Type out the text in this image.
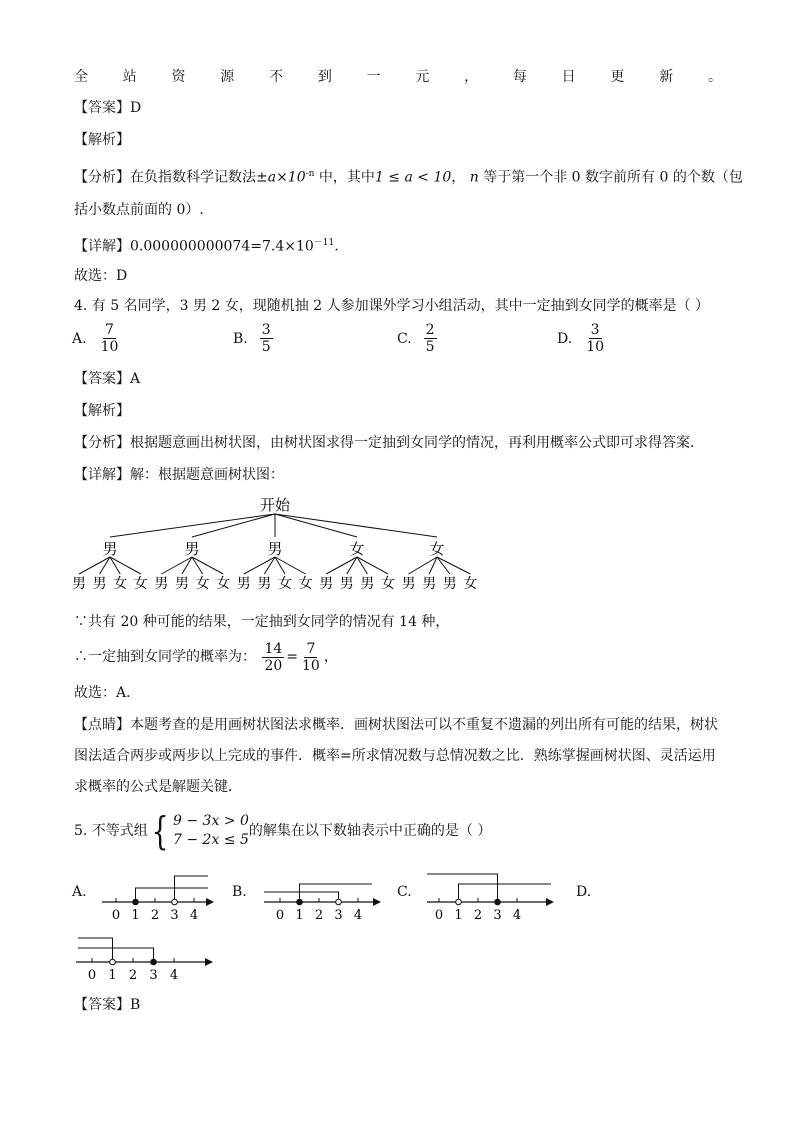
全 站 资 源 不 到 一 元 ， 每 日 更 新 。
【答案】D
【解析】
【分析】在负指数科学记数法$\pm a\times 10^{-n}$ 中，其中1 ≤ a < 10， n 等于第一个非 0 数字前所有 0 的个数（包
括小数点前面的 0）.
【详解】$0.000000000074=7.4\times 10^{-11}$.
故选：D
4. 有 5 名同学，3 男 2 女，现随机抽 2 人参加课外学习小组活动，其中一定抽到女同学的概率是（ ）
A. $\frac{7}{10}$	B. $\frac{3}{5}$	C. $\frac{2}{5}$	D. $\frac{3}{10}$
【答案】A
【解析】
【分析】根据题意画出树状图，由树状图求得一定抽到女同学的情况，再利用概率公式即可求得答案．
【详解】解：根据题意画树状图：
开始
男	男	男	女	女
男 男 女 女 男 男 女 女 男 男 女 女 男 男 男 女 男 男 男 女
∵共有 20 种可能的结果，一定抽到女同学的情况有 14 种，
∴一定抽到女同学的概率为： $\frac{14}{20} = \frac{7}{10}$ ，
故选：A．
【点睛】本题考查的是用画树状图法求概率．画树状图法可以不重复不遗漏的列出所有可能的结果，树状
图法适合两步或两步以上完成的事件．概率=所求情况数与总情况数之比．熟练掌握画树状图、灵活运用
求概率的公式是解题关键．
5. 不等式组 { 9 − 3x > 0
7 − 2x ≤ 5
的解集在以下数轴表示中正确的是（ ）
A.
0 1 2 3 4
B.
0 1 2 3 4
C.
0 1 2 3 4
D.
0 1 2 3 4
【答案】B
